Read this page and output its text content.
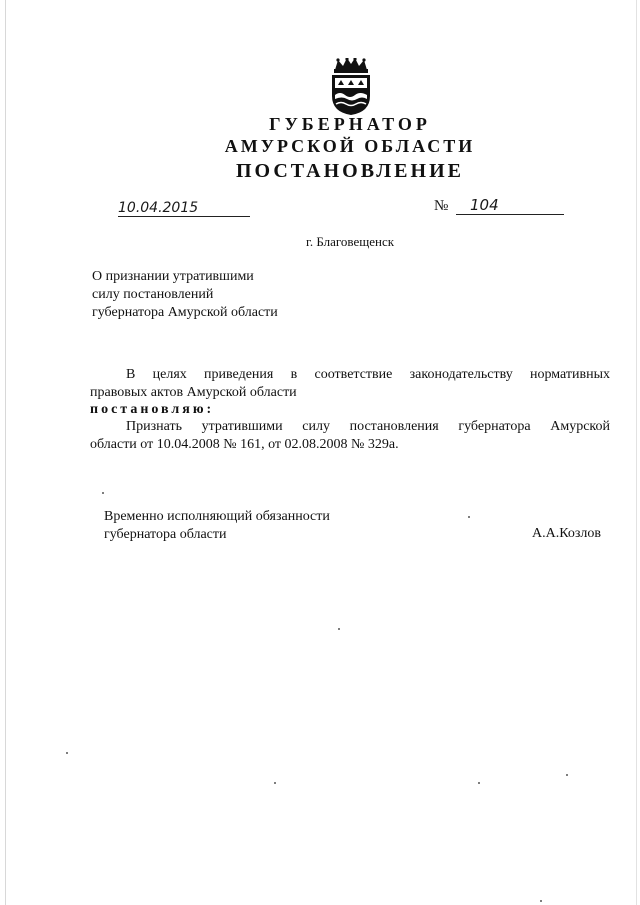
ГУБЕРНАТОР
АМУРСКОЙ ОБЛАСТИ
ПОСТАНОВЛЕНИЕ
10.04.2015	№ 104
г. Благовещенск
О признании утратившими
силу постановлений
губернатора Амурской области
В целях приведения в соответствие законодательству нормативных
правовых актов Амурской области
постановляю:
Признать утратившими силу постановления губернатора Амурской
области от 10.04.2008 № 161, от 02.08.2008 № 329а.
Временно исполняющий обязанности
губернатора области	А.А.Козлов
